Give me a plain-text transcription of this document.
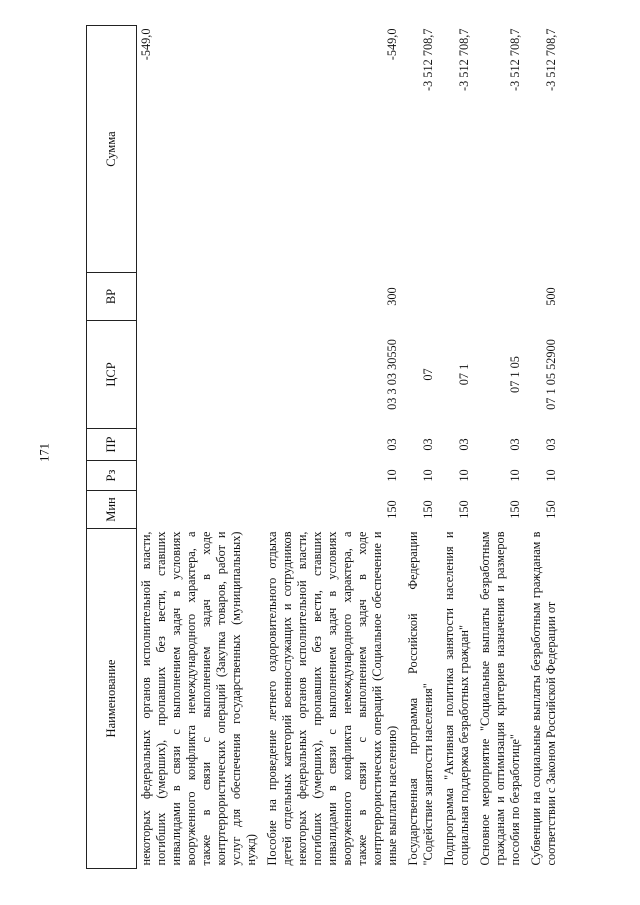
171
Наименование	Мин	Рз	ПР	ЦСР	ВР	Сумма
некоторых федеральных органов исполнительной власти, погибших (умерших), пропавших без вести, ставших инвалидами в связи с выполнением задач в условиях вооруженного конфликта немеждународного характера, а также в связи с выполнением задач в ходе контртеррористических операций (Закупка товаров, работ и услуг для обеспечения государственных (муниципальных) нужд)						-549,0
Пособие на проведение летнего оздоровительного отдыха детей отдельных категорий военнослужащих и сотрудников некоторых федеральных органов исполнительной власти, погибших (умерших), пропавших без вести, ставших инвалидами в связи с выполнением задач в условиях вооруженного конфликта немеждународного характера, а также в связи с выполнением задач в ходе контртеррористических операций (Социальное обеспечение и иные выплаты населению)	150	10	03	03 3 03 30550	300	-549,0
Государственная программа Российской Федерации "Содействие занятости населения"	150	10	03	07		-3 512 708,7
Подпрограмма "Активная политика занятости населения и социальная поддержка безработных граждан"	150	10	03	07 1		-3 512 708,7
Основное мероприятие "Социальные выплаты безработным гражданам и оптимизация критериев назначения и размеров пособия по безработице"	150	10	03	07 1 05		-3 512 708,7
Субвенции на социальные выплаты безработным гражданам в соответствии с Законом Российской Федерации от	150	10	03	07 1 05 52900	500	-3 512 708,7
